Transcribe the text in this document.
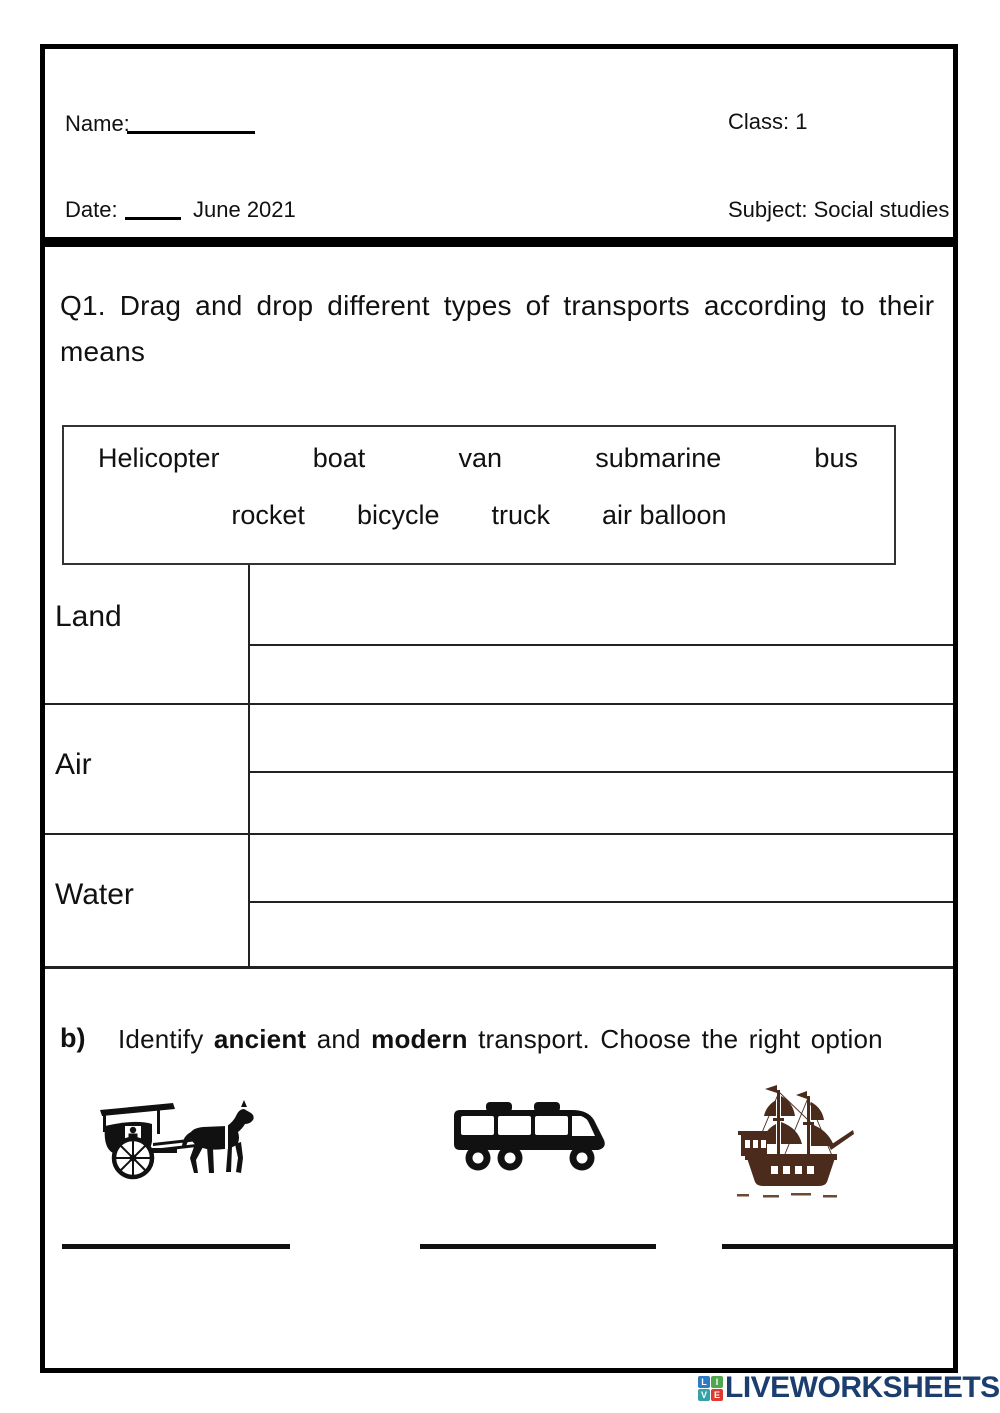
Name:	Class: 1
Date:	June 2021	Subject: Social studies
Q1. Drag and drop different types of transports according to their
means
Helicopter	boat	van	submarine	bus
rocket bicycle truck air balloon
Land
Air
Water
b) Identify ancient and modern transport. Choose the right option
L I
V E LIVEWORKSHEETS
